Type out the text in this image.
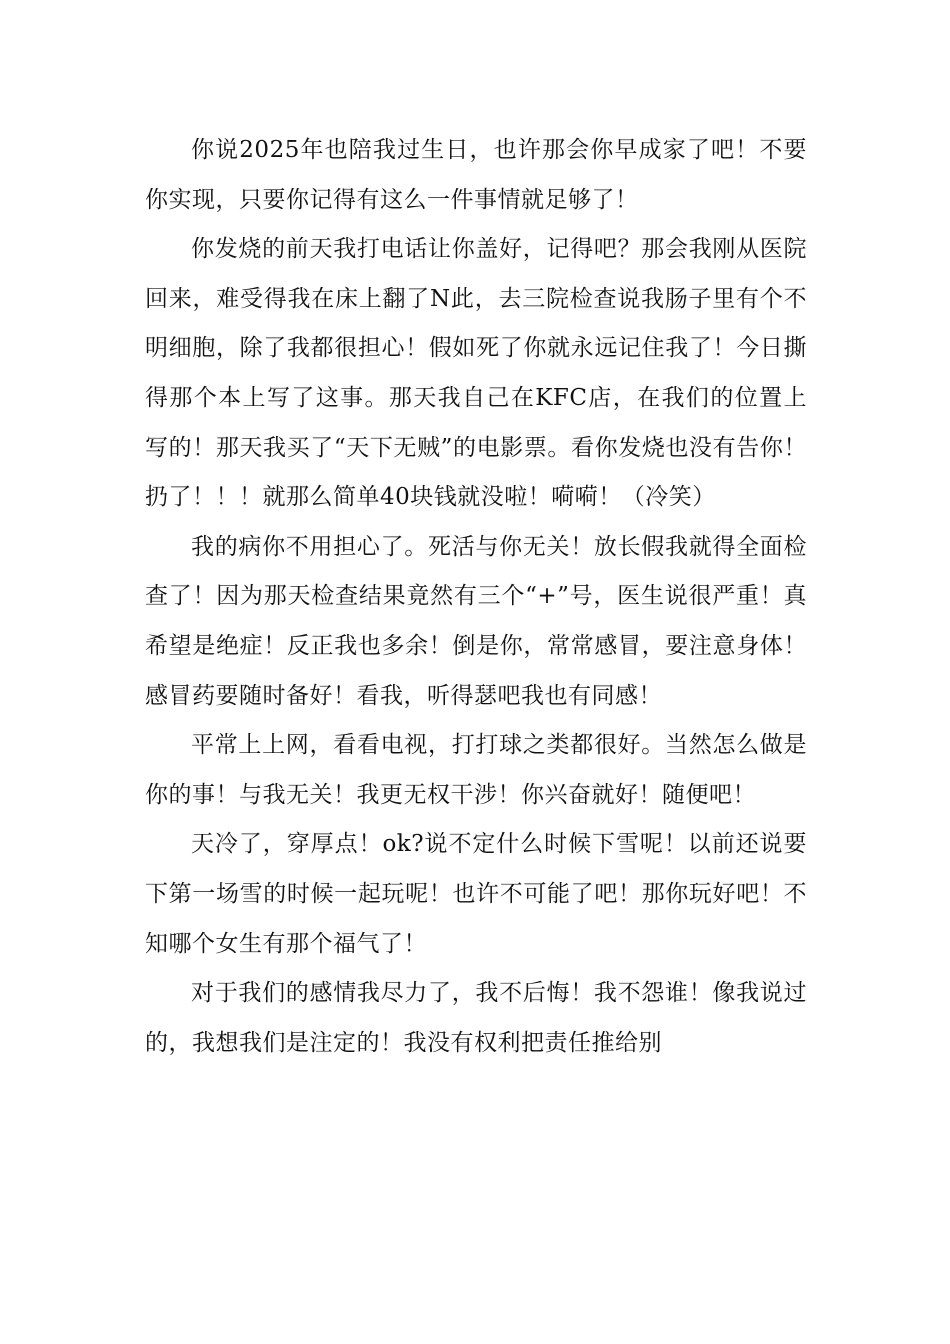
你说2025年也陪我过生日，也许那会你早成家了吧！不要你实现，只要你记得有这么一件事情就足够了！

你发烧的前天我打电话让你盖好，记得吧？那会我刚从医院回来，难受得我在床上翻了N此，去三院检查说我肠子里有个不明细胞，除了我都很担心！假如死了你就永远记住我了！今日撕得那个本上写了这事。那天我自己在KFC店，在我们的位置上写的！那天我买了“天下无贼”的电影票。看你发烧也没有告你！扔了！！！就那么简单40块钱就没啦！嗬嗬！（冷笑）

我的病你不用担心了。死活与你无关！放长假我就得全面检查了！因为那天检查结果竟然有三个“+”号，医生说很严重！真希望是绝症！反正我也多余！倒是你，常常感冒，要注意身体！感冒药要随时备好！看我，听得瑟吧我也有同感！

平常上上网，看看电视，打打球之类都很好。当然怎么做是你的事！与我无关！我更无权干涉！你兴奋就好！随便吧！

天冷了，穿厚点！ok?说不定什么时候下雪呢！以前还说要下第一场雪的时候一起玩呢！也许不可能了吧！那你玩好吧！不知哪个女生有那个福气了！

对于我们的感情我尽力了，我不后悔！我不怨谁！像我说过的，我想我们是注定的！我没有权利把责任推给别
